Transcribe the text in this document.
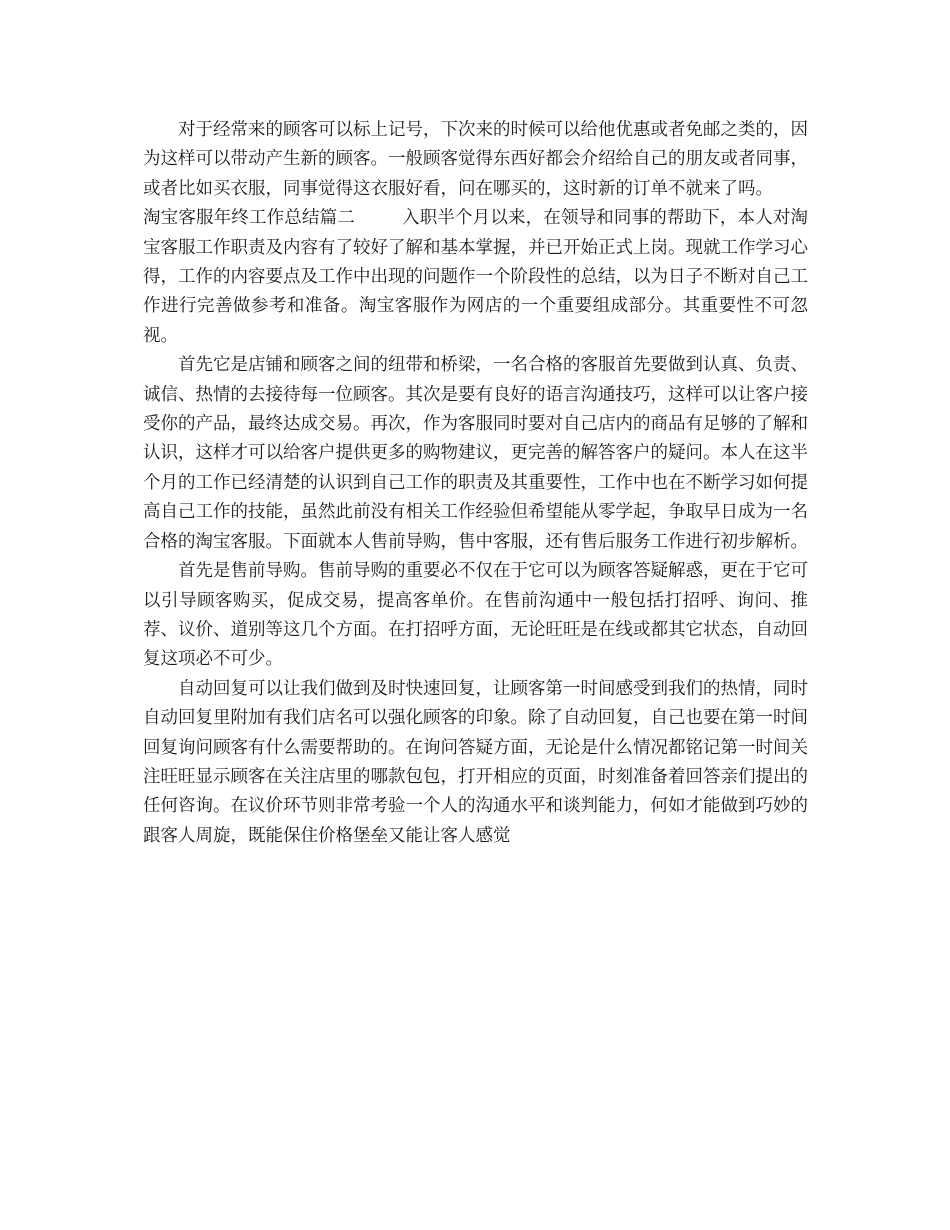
对于经常来的顾客可以标上记号，下次来的时候可以给他优惠或者免邮之类的，因为这样可以带动产生新的顾客。一般顾客觉得东西好都会介绍给自己的朋友或者同事，或者比如买衣服，同事觉得这衣服好看，问在哪买的，这时新的订单不就来了吗。

淘宝客服年终工作总结篇二	入职半个月以来，在领导和同事的帮助下，本人对淘宝客服工作职责及内容有了较好了解和基本掌握，并已开始正式上岗。现就工作学习心得，工作的内容要点及工作中出现的问题作一个阶段性的总结，以为日子不断对自己工作进行完善做参考和准备。淘宝客服作为网店的一个重要组成部分。其重要性不可忽视。

首先它是店铺和顾客之间的纽带和桥梁，一名合格的客服首先要做到认真、负责、诚信、热情的去接待每一位顾客。其次是要有良好的语言沟通技巧，这样可以让客户接受你的产品，最终达成交易。再次，作为客服同时要对自己店内的商品有足够的了解和认识，这样才可以给客户提供更多的购物建议，更完善的解答客户的疑问。本人在这半个月的工作已经清楚的认识到自己工作的职责及其重要性，工作中也在不断学习如何提高自己工作的技能，虽然此前没有相关工作经验但希望能从零学起，争取早日成为一名合格的淘宝客服。下面就本人售前导购，售中客服，还有售后服务工作进行初步解析。

首先是售前导购。售前导购的重要必不仅在于它可以为顾客答疑解惑，更在于它可以引导顾客购买，促成交易，提高客单价。在售前沟通中一般包括打招呼、询问、推荐、议价、道别等这几个方面。在打招呼方面，无论旺旺是在线或都其它状态，自动回复这项必不可少。

自动回复可以让我们做到及时快速回复，让顾客第一时间感受到我们的热情，同时自动回复里附加有我们店名可以强化顾客的印象。除了自动回复，自己也要在第一时间回复询问顾客有什么需要帮助的。在询问答疑方面，无论是什么情况都铭记第一时间关注旺旺显示顾客在关注店里的哪款包包，打开相应的页面，时刻准备着回答亲们提出的任何咨询。在议价环节则非常考验一个人的沟通水平和谈判能力，何如才能做到巧妙的跟客人周旋，既能保住价格堡垒又能让客人感觉
